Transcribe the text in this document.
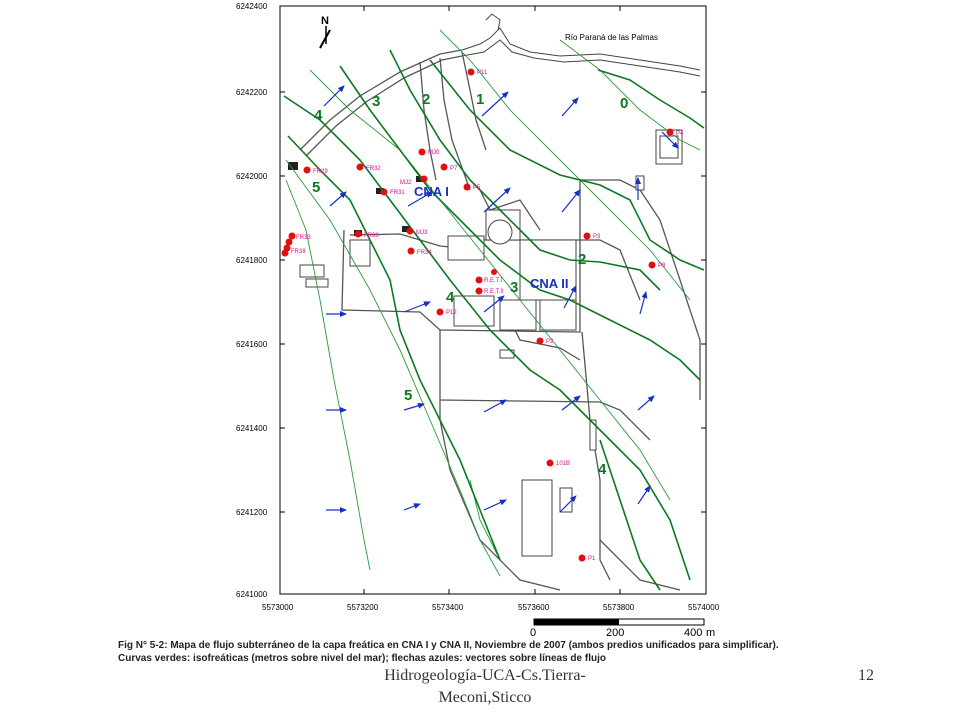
6242400
6242200
6242000
6241800
6241600
6241400
6241200
6241000
5573000	5573200	5573400	5573600	5573800	5574000
Río Paraná de las Palmas
N
0
1
2
3
4
5
2
3
4
5
4
CNA I
CNA II
P11
P4
MJ0
FR32	P7
FR31
FR29
P5
MJ2
P3
P8
FR36	MJ3
FR34
FR33
FR38
R.E.T.I
R.E.T.II
P12
P2
101B
P1
0	200	400 m
Fig N° 5-2: Mapa de flujo subterráneo de la capa freática en CNA I y CNA II, Noviembre de 2007 (ambos predios unificados para simplificar).
Curvas verdes: isofreáticas (metros sobre nivel del mar); flechas azules: vectores sobre líneas de flujo
Hidrogeología-UCA-Cs.Tierra-Meconi,Sticco
12
